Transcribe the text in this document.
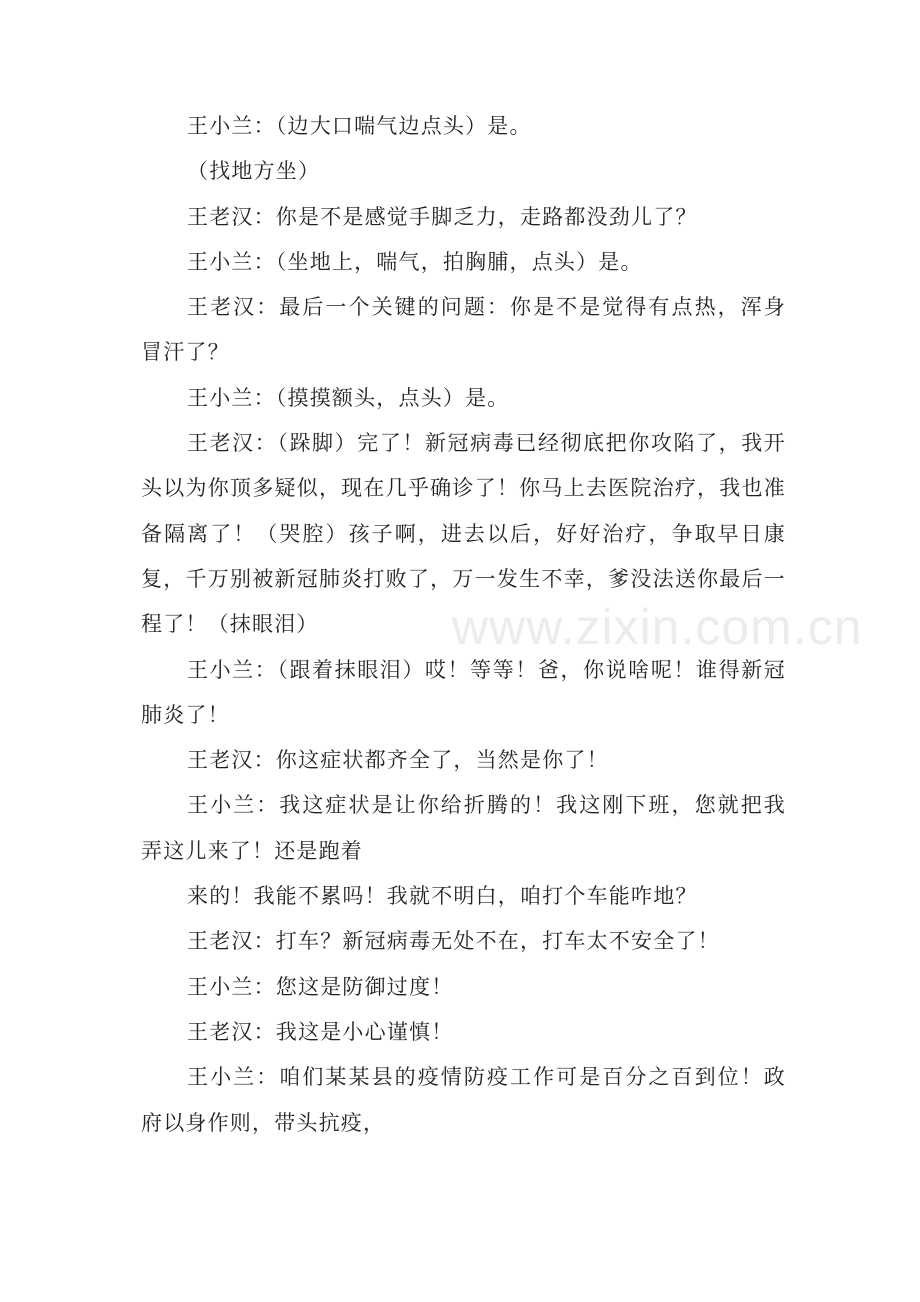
王小兰：（边大口喘气边点头）是。

（找地方坐）

王老汉：你是不是感觉手脚乏力，走路都没劲儿了？

王小兰：（坐地上，喘气，拍胸脯，点头）是。

王老汉：最后一个关键的问题：你是不是觉得有点热，浑身冒汗了？

王小兰：（摸摸额头，点头）是。

王老汉：（跺脚）完了！新冠病毒已经彻底把你攻陷了，我开头以为你顶多疑似，现在几乎确诊了！你马上去医院治疗，我也准备隔离了！（哭腔）孩子啊，进去以后，好好治疗，争取早日康复，千万别被新冠肺炎打败了，万一发生不幸，爹没法送你最后一程了！（抹眼泪）

王小兰：（跟着抹眼泪）哎！等等！爸，你说啥呢！谁得新冠肺炎了！

王老汉：你这症状都齐全了，当然是你了！

王小兰：我这症状是让你给折腾的！我这刚下班，您就把我弄这儿来了！还是跑着

来的！我能不累吗！我就不明白，咱打个车能咋地？

王老汉：打车？新冠病毒无处不在，打车太不安全了！

王小兰：您这是防御过度！

王老汉：我这是小心谨慎！

王小兰：咱们某某县的疫情防疫工作可是百分之百到位！政府以身作则，带头抗疫，

www.zixin.com.cn
